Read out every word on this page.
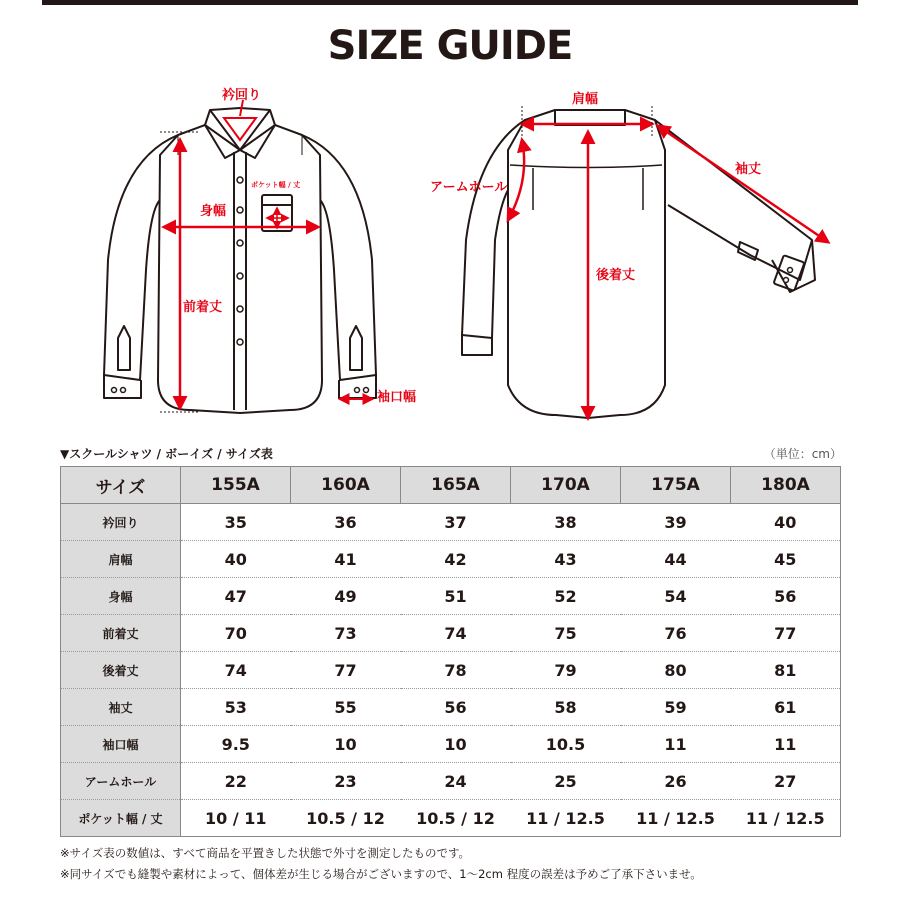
SIZE GUIDE
衿回り
ポケット幅 / 丈
身幅
前着丈
袖口幅
肩幅
袖丈
アームホール
後着丈
▼スクールシャツ / ボーイズ / サイズ表	（単位：cm）
サイズ	155A	160A	165A	170A	175A	180A
衿回り	35	36	37	38	39	40
肩幅	40	41	42	43	44	45
身幅	47	49	51	52	54	56
前着丈	70	73	74	75	76	77
後着丈	74	77	78	79	80	81
袖丈	53	55	56	58	59	61
袖口幅	9.5	10	10	10.5	11	11
アームホール	22	23	24	25	26	27
ポケット幅 / 丈	10 / 11	10.5 / 12	10.5 / 12	11 / 12.5	11 / 12.5	11 / 12.5
※サイズ表の数値は、すべて商品を平置きした状態で外寸を測定したものです。
※同サイズでも縫製や素材によって、個体差が生じる場合がございますので、1～2cm 程度の誤差は予めご了承下さいませ。
